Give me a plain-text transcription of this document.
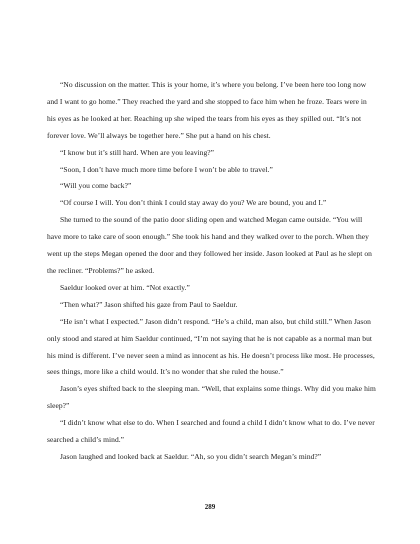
“No discussion on the matter. This is your home, it’s where you belong. I’ve been here too long now and I want to go home.” They reached the yard and she stopped to face him when he froze. Tears were in his eyes as he looked at her. Reaching up she wiped the tears from his eyes as they spilled out. “It’s not forever love. We’ll always be together here.” She put a hand on his chest.

“I know but it’s still hard. When are you leaving?”

“Soon, I don’t have much more time before I won’t be able to travel.”

“Will you come back?”

“Of course I will. You don’t think I could stay away do you? We are bound, you and I.”

She turned to the sound of the patio door sliding open and watched Megan came outside. “You will have more to take care of soon enough.” She took his hand and they walked over to the porch. When they went up the steps Megan opened the door and they followed her inside. Jason looked at Paul as he slept on the recliner. “Problems?” he asked.

Saeldur looked over at him. “Not exactly.”

“Then what?” Jason shifted his gaze from Paul to Saeldur.

“He isn’t what I expected.” Jason didn’t respond. “He’s a child, man also, but child still.” When Jason only stood and stared at him Saeldur continued, “I’m not saying that he is not capable as a normal man but his mind is different. I’ve never seen a mind as innocent as his. He doesn’t process like most. He processes, sees things, more like a child would. It’s no wonder that she ruled the house.”

Jason’s eyes shifted back to the sleeping man. “Well, that explains some things. Why did you make him sleep?”

“I didn’t know what else to do. When I searched and found a child I didn’t know what to do. I’ve never searched a child’s mind.”

Jason laughed and looked back at Saeldur. “Ah, so you didn’t search Megan’s mind?”

289
